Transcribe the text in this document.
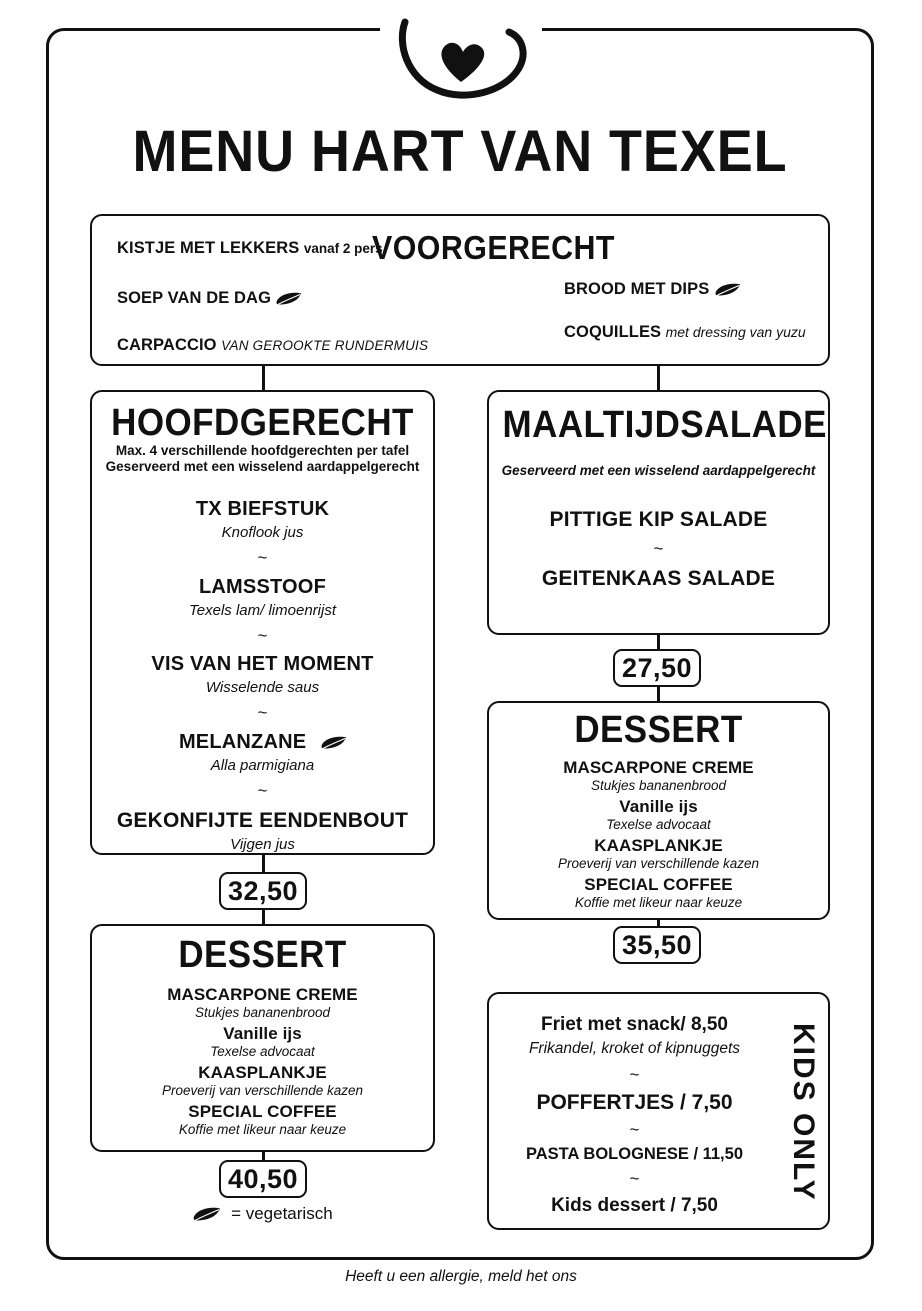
MENU HART VAN TEXEL
VOORGERECHT
KISTJE MET LEKKERS vanaf 2 pers.
SOEP VAN DE DAG
CARPACCIO VAN GEROOKTE RUNDERMUIS
BROOD MET DIPS
COQUILLES met dressing van yuzu
HOOFDGERECHT
Max. 4 verschillende hoofdgerechten per tafel
Geserveerd met een wisselend aardappelgerecht
TX BIEFSTUK
Knoflook jus
~
LAMSSTOOF
Texels lam/ limoenrijst
~
VIS VAN HET MOMENT
Wisselende saus
~
MELANZANE
Alla parmigiana
~
GEKONFIJTE EENDENBOUT
Vijgen jus
32,50
MAALTIJDSALADE
Geserveerd met een wisselend aardappelgerecht
PITTIGE KIP SALADE
~
GEITENKAAS SALADE
27,50
DESSERT
MASCARPONE CREME
Stukjes bananenbrood
Vanille ijs
Texelse advocaat
KAASPLANKJE
Proeverij van verschillende kazen
SPECIAL COFFEE
Koffie met likeur naar keuze
35,50
DESSERT
MASCARPONE CREME
Stukjes bananenbrood
Vanille ijs
Texelse advocaat
KAASPLANKJE
Proeverij van verschillende kazen
SPECIAL COFFEE
Koffie met likeur naar keuze
40,50	KIDS ONLY
Friet met snack/ 8,50
Frikandel, kroket of kipnuggets
~
POFFERTJES / 7,50
~
PASTA BOLOGNESE / 11,50
~
Kids dessert / 7,50
= vegetarisch
Heeft u een allergie, meld het ons
